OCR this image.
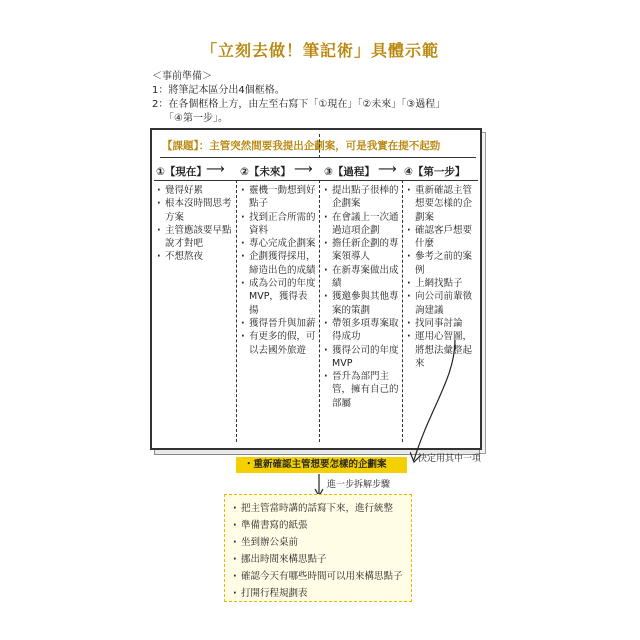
「立刻去做！筆記術」具體示範
＜事前準備＞
1：將筆記本區分出4個框格。
2：在各個框格上方，由左至右寫下「①現在」「②未來」「③過程」
「④第一步」。
【課題】：主管突然間要我提出企劃案，可是我實在提不起勁
①【現在】 ⟶ ②【未來】 ⟶ ③【過程】 ⟶ ④【第一步】
· 覺得好累
· 根本沒時間思考方案
· 主管應該要早點說才對吧
· 不想熬夜
· 靈機一動想到好點子
· 找到正合所需的資料
· 專心完成企劃案
· 企劃獲得採用，締造出色的成績
· 成為公司的年度MVP，獲得表揚
· 獲得晉升與加薪
· 有更多的假，可以去國外旅遊
· 提出點子很棒的企劃案
· 在會議上一次通過這項企劃
· 擔任新企劃的專案領導人
· 在新專案做出成績
· 獲邀參與其他專案的策劃
· 帶領多項專案取得成功
· 獲得公司的年度MVP
· 晉升為部門主管，擁有自己的部屬
· 重新確認主管想要怎樣的企劃案
· 確認客戶想要什麼
· 參考之前的案例
· 上網找點子
· 向公司前輩徵詢建議
· 找同事討論
· 運用心智圖，將想法彙整起來
決定用其中一項
・重新確認主管想要怎樣的企劃案
進一步拆解步驟
· 把主管當時講的話寫下來，進行統整
· 準備書寫的紙張
· 坐到辦公桌前
· 挪出時間來構思點子
· 確認今天有哪些時間可以用來構思點子
· 打開行程規劃表
